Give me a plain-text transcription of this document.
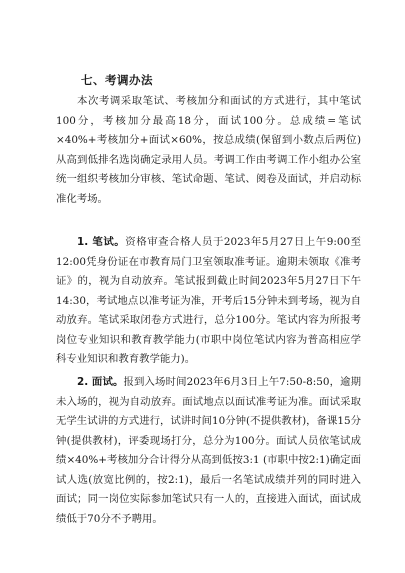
七、考调办法

本次考调采取笔试、考核加分和面试的方式进行，其中笔试100分，考核加分最高18分，面试100分。总成绩=笔试×40%+考核加分+面试×60%，按总成绩(保留到小数点后两位)从高到低排名选岗确定录用人员。考调工作由考调工作小组办公室统一组织考核加分审核、笔试命题、笔试、阅卷及面试，并启动标准化考场。

1. 笔试。资格审查合格人员于2023年5月27日上午9:00至12:00凭身份证在市教育局门卫室领取准考证。逾期未领取《准考证》的，视为自动放弃。笔试报到截止时间2023年5月27日下午14:30，考试地点以准考证为准，开考后15分钟未到考场，视为自动放弃。笔试采取闭卷方式进行，总分100分。笔试内容为所报考岗位专业知识和教育教学能力(市职中岗位笔试内容为普高相应学科专业知识和教育教学能力)。

2. 面试。报到入场时间2023年6月3日上午7:50-8:50，逾期未入场的，视为自动放弃。面试地点以面试准考证为准。面试采取无学生试讲的方式进行，试讲时间10分钟(不提供教材)，备课15分钟(提供教材)，评委现场打分，总分为100分。面试人员依笔试成绩×40%+考核加分合计得分从高到低按3:1 (市职中按2:1)确定面试人选(放宽比例的，按2:1)，最后一名笔试成绩并列的同时进入面试；同一岗位实际参加笔试只有一人的，直接进入面试，面试成绩低于70分不予聘用。
